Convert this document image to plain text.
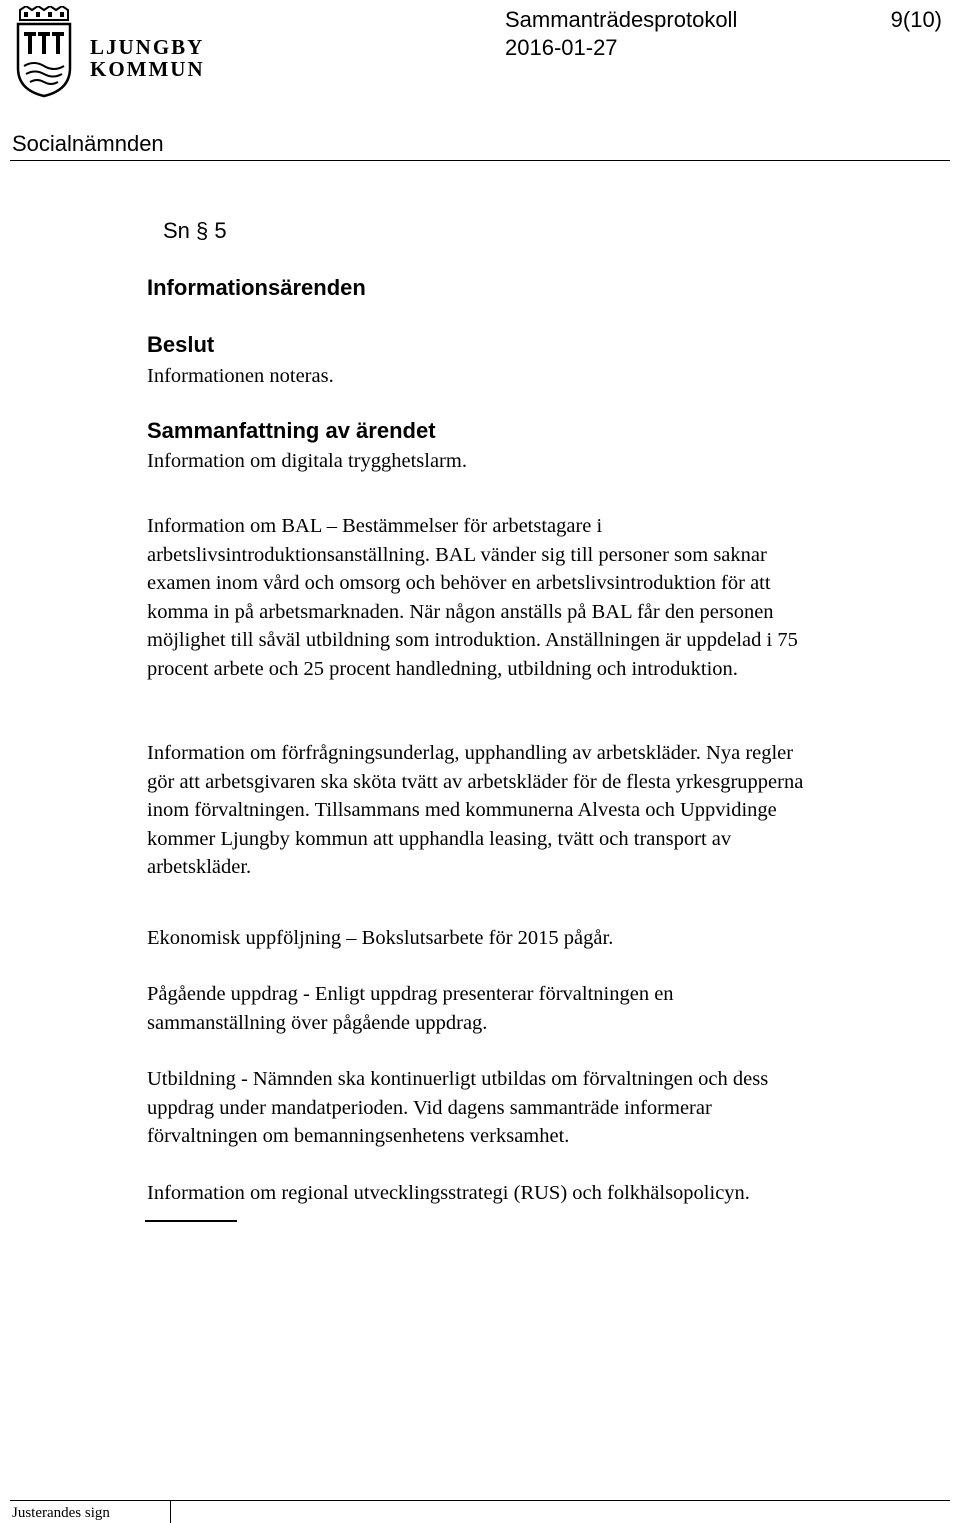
LJUNGBY
KOMMUN
Sammanträdesprotokoll	9(10)
2016-01-27
Socialnämnden
Sn § 5
Informationsärenden
Beslut
Informationen noteras.
Sammanfattning av ärendet
Information om digitala trygghetslarm.
Information om BAL – Bestämmelser för arbetstagare i
arbetslivsintroduktionsanställning. BAL vänder sig till personer som saknar
examen inom vård och omsorg och behöver en arbetslivsintroduktion för att
komma in på arbetsmarknaden. När någon anställs på BAL får den personen
möjlighet till såväl utbildning som introduktion. Anställningen är uppdelad i 75
procent arbete och 25 procent handledning, utbildning och introduktion.
Information om förfrågningsunderlag, upphandling av arbetskläder. Nya regler
gör att arbetsgivaren ska sköta tvätt av arbetskläder för de flesta yrkesgrupperna
inom förvaltningen. Tillsammans med kommunerna Alvesta och Uppvidinge
kommer Ljungby kommun att upphandla leasing, tvätt och transport av
arbetskläder.
Ekonomisk uppföljning – Bokslutsarbete för 2015 pågår.
Pågående uppdrag - Enligt uppdrag presenterar förvaltningen en
sammanställning över pågående uppdrag.
Utbildning - Nämnden ska kontinuerligt utbildas om förvaltningen och dess
uppdrag under mandatperioden. Vid dagens sammanträde informerar
förvaltningen om bemanningsenhetens verksamhet.
Information om regional utvecklingsstrategi (RUS) och folkhälsopolicyn.
Justerandes sign
